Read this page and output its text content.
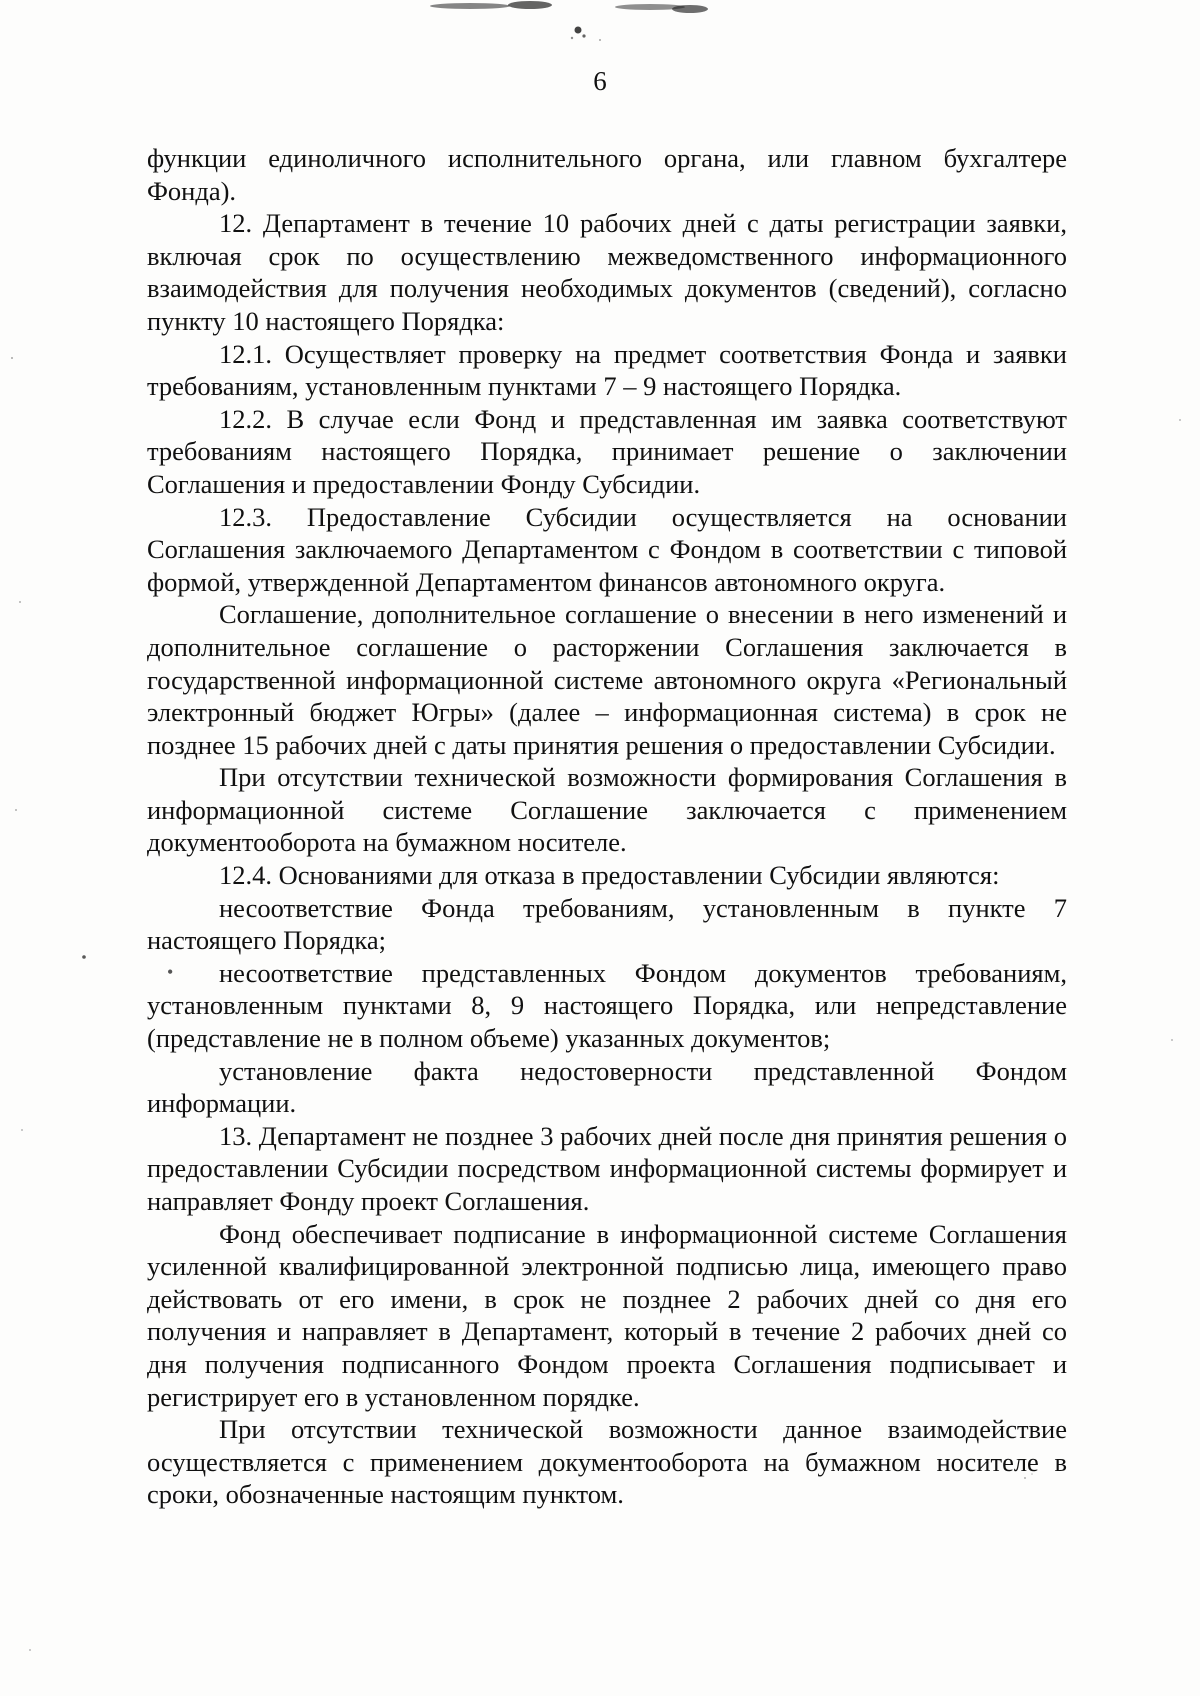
6
•

функции единоличного исполнительного органа, или главном бухгалтере Фонда).

12. Департамент в течение 10 рабочих дней с даты регистрации заявки, включая срок по осуществлению межведомственного информационного взаимодействия для получения необходимых документов (сведений), согласно пункту 10 настоящего Порядка:

12.1. Осуществляет проверку на предмет соответствия Фонда и заявки требованиям, установленным пунктами 7 – 9 настоящего Порядка.

12.2. В случае если Фонд и представленная им заявка соответствуют требованиям настоящего Порядка, принимает решение о заключении Соглашения и предоставлении Фонду Субсидии.

12.3. Предоставление Субсидии осуществляется на основании Соглашения заключаемого Департаментом с Фондом в соответствии с типовой формой, утвержденной Департаментом финансов автономного округа.

Соглашение, дополнительное соглашение о внесении в него изменений и дополнительное соглашение о расторжении Соглашения заключается в государственной информационной системе автономного округа «Региональный электронный бюджет Югры» (далее – информационная система) в срок не позднее 15 рабочих дней с даты принятия решения о предоставлении Субсидии.

При отсутствии технической возможности формирования Соглашения в информационной системе Соглашение заключается с применением документооборота на бумажном носителе.

12.4. Основаниями для отказа в предоставлении Субсидии являются:

несоответствие Фонда требованиям, установленным в пункте 7 настоящего Порядка;

несоответствие представленных Фондом документов требованиям, установленным пунктами 8, 9 настоящего Порядка, или непредставление (представление не в полном объеме) указанных документов;

установление факта недостоверности представленной Фондом информации.

13. Департамент не позднее 3 рабочих дней после дня принятия решения о предоставлении Субсидии посредством информационной системы формирует и направляет Фонду проект Соглашения.

Фонд обеспечивает подписание в информационной системе Соглашения усиленной квалифицированной электронной подписью лица, имеющего право действовать от его имени, в срок не позднее 2 рабочих дней со дня его получения и направляет в Департамент, который в течение 2 рабочих дней со дня получения подписанного Фондом проекта Соглашения подписывает и регистрирует его в установленном порядке.

При отсутствии технической возможности данное взаимодействие осуществляется с применением документооборота на бумажном носителе в сроки, обозначенные настоящим пунктом.
